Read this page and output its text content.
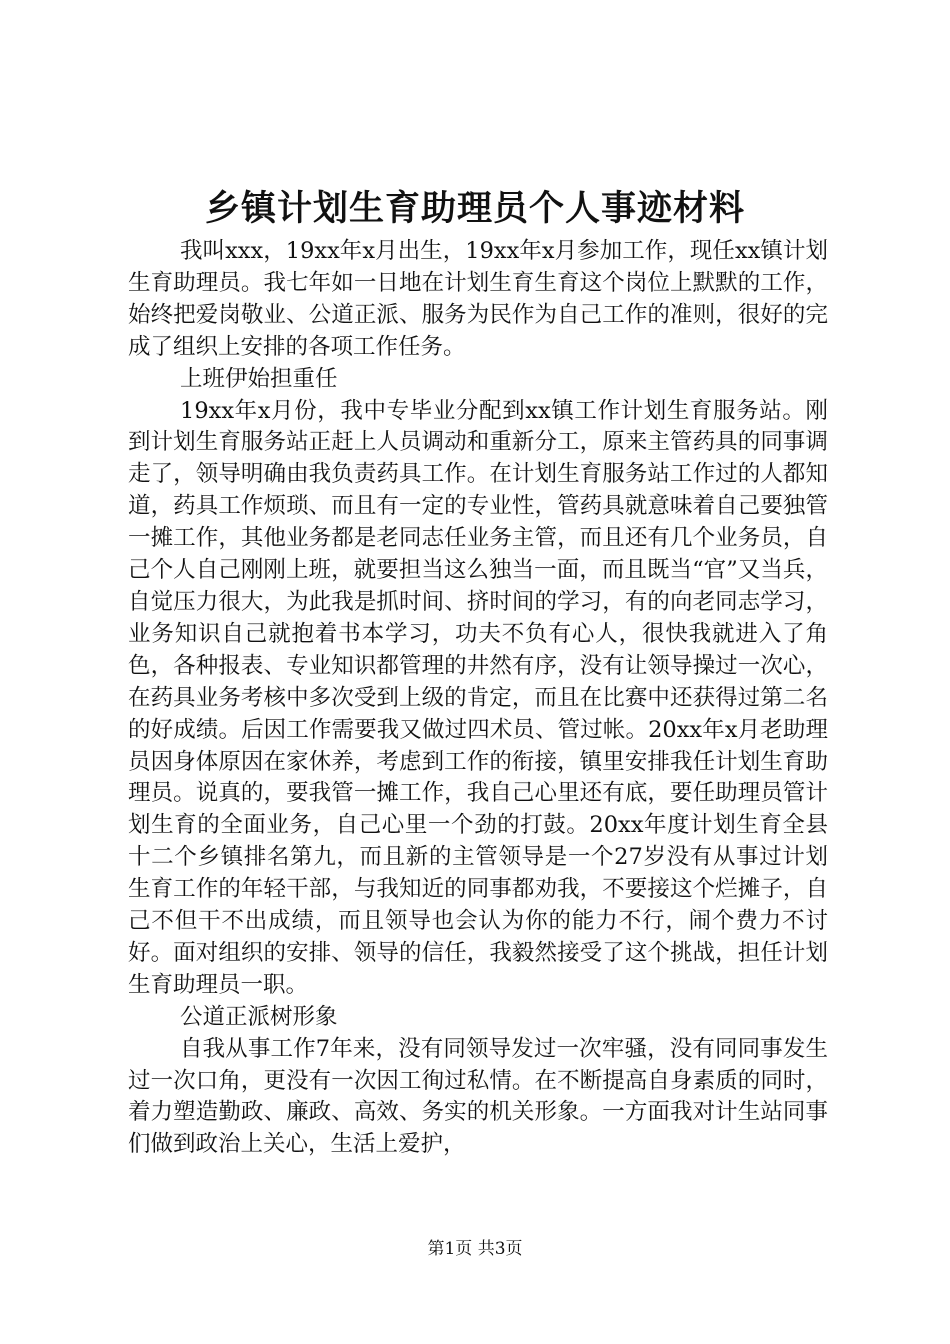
乡镇计划生育助理员个人事迹材料

我叫xxx，19xx年x月出生，19xx年x月参加工作，现任xx镇计划生育助理员。我七年如一日地在计划生育生育这个岗位上默默的工作，始终把爱岗敬业、公道正派、服务为民作为自己工作的准则，很好的完成了组织上安排的各项工作任务。

上班伊始担重任

19xx年x月份，我中专毕业分配到xx镇工作计划生育服务站。刚到计划生育服务站正赶上人员调动和重新分工，原来主管药具的同事调走了，领导明确由我负责药具工作。在计划生育服务站工作过的人都知道，药具工作烦琐、而且有一定的专业性，管药具就意味着自己要独管一摊工作，其他业务都是老同志任业务主管，而且还有几个业务员，自己个人自己刚刚上班，就要担当这么独当一面，而且既当“官”又当兵，自觉压力很大，为此我是抓时间、挤时间的学习，有的向老同志学习，业务知识自己就抱着书本学习，功夫不负有心人，很快我就进入了角色，各种报表、专业知识都管理的井然有序，没有让领导操过一次心，在药具业务考核中多次受到上级的肯定，而且在比赛中还获得过第二名的好成绩。后因工作需要我又做过四术员、管过帐。20xx年x月老助理员因身体原因在家休养，考虑到工作的衔接，镇里安排我任计划生育助理员。说真的，要我管一摊工作，我自己心里还有底，要任助理员管计划生育的全面业务，自己心里一个劲的打鼓。20xx年度计划生育全县十二个乡镇排名第九，而且新的主管领导是一个27岁没有从事过计划生育工作的年轻干部，与我知近的同事都劝我，不要接这个烂摊子，自己不但干不出成绩，而且领导也会认为你的能力不行，闹个费力不讨好。面对组织的安排、领导的信任，我毅然接受了这个挑战，担任计划生育助理员一职。

公道正派树形象

自我从事工作7年来，没有同领导发过一次牢骚，没有同同事发生过一次口角，更没有一次因工徇过私情。在不断提高自身素质的同时，着力塑造勤政、廉政、高效、务实的机关形象。一方面我对计生站同事们做到政治上关心，生活上爱护，

第1页 共3页
